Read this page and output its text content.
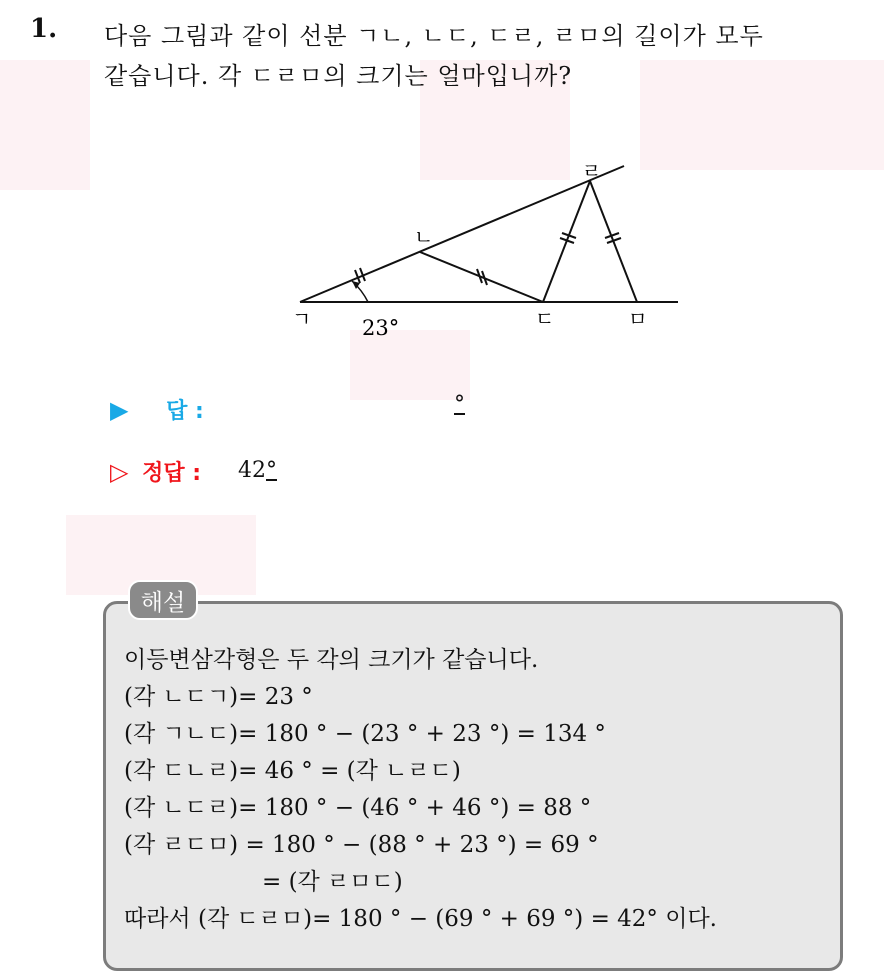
1. 다음 그림과 같이 선분 ㄱㄴ, ㄴㄷ, ㄷㄹ, ㄹㅁ의 길이가 모두
같습니다. 각 ㄷㄹㅁ의 크기는 얼마입니까?
ㄱ
ㄴ
ㄷ
ㄹ
ㅁ
23°
▶ 답 :	°
▷ 정답 : 42°
해설
이등변삼각형은 두 각의 크기가 같습니다.
(각 ㄴㄷㄱ)= 23 °
(각 ㄱㄴㄷ)= 180 ° − (23 ° + 23 °) = 134 °
(각 ㄷㄴㄹ)= 46 ° = (각 ㄴㄹㄷ)
(각 ㄴㄷㄹ)= 180 ° − (46 ° + 46 °) = 88 °
(각 ㄹㄷㅁ) = 180 ° − (88 ° + 23 °) = 69 °
= (각 ㄹㅁㄷ)
따라서 (각 ㄷㄹㅁ)= 180 ° − (69 ° + 69 °) = 42° 이다.
